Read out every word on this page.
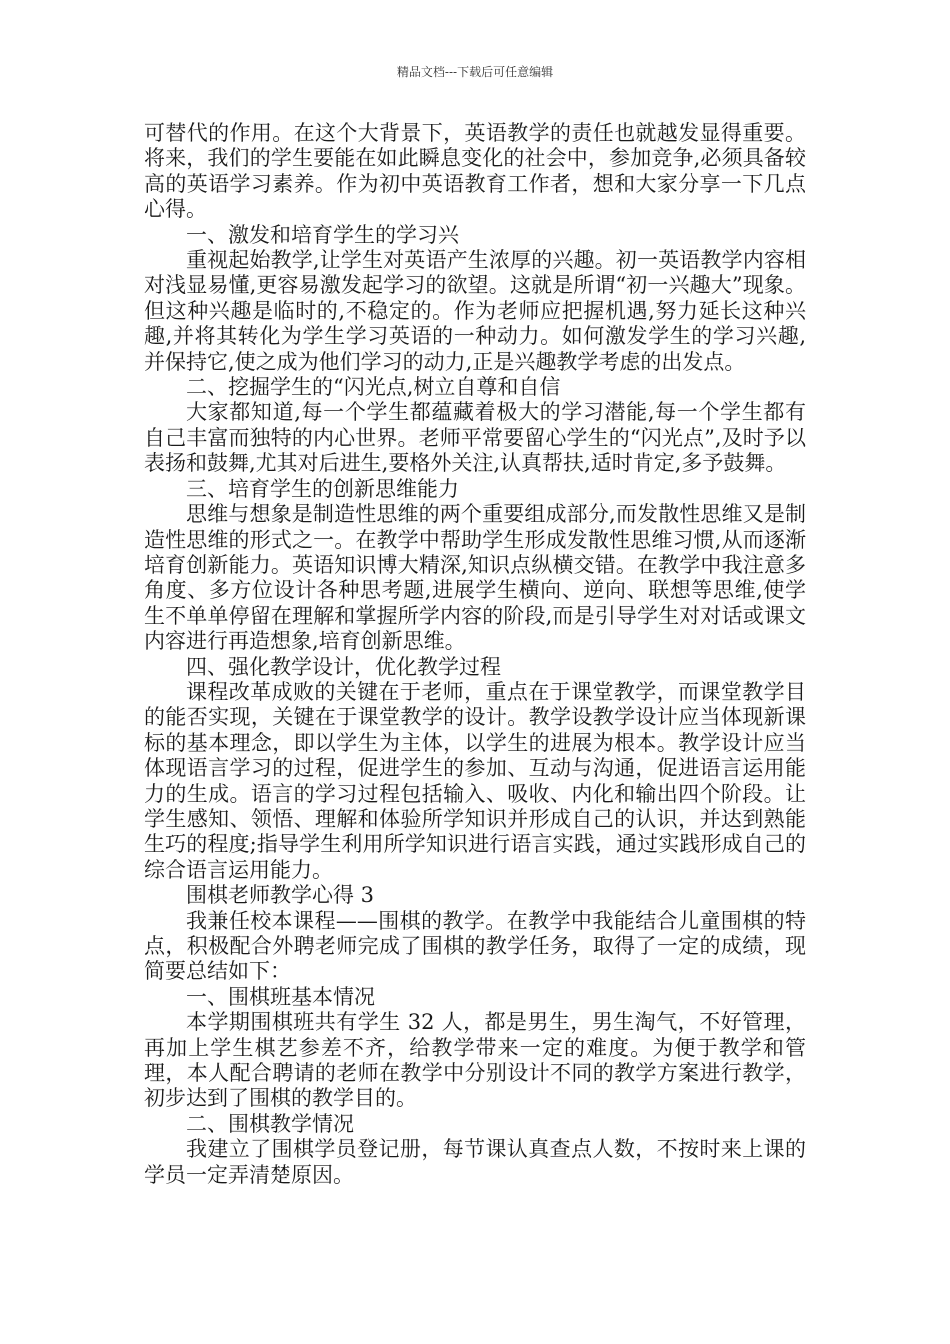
精品文档---下载后可任意编辑

可替代的作用。在这个大背景下，英语教学的责任也就越发显得重要。将来，我们的学生要能在如此瞬息变化的社会中，参加竞争,必须具备较高的英语学习素养。作为初中英语教育工作者，想和大家分享一下几点心得。

一、激发和培育学生的学习兴

重视起始教学,让学生对英语产生浓厚的兴趣。初一英语教学内容相对浅显易懂,更容易激发起学习的欲望。这就是所谓“初一兴趣大”现象。但这种兴趣是临时的,不稳定的。作为老师应把握机遇,努力延长这种兴趣,并将其转化为学生学习英语的一种动力。如何激发学生的学习兴趣,并保持它,使之成为他们学习的动力,正是兴趣教学考虑的出发点。

二、挖掘学生的“闪光点,树立自尊和自信

大家都知道,每一个学生都蕴藏着极大的学习潜能,每一个学生都有自己丰富而独特的内心世界。老师平常要留心学生的“闪光点”,及时予以表扬和鼓舞,尤其对后进生,要格外关注,认真帮扶,适时肯定,多予鼓舞。

三、培育学生的创新思维能力

思维与想象是制造性思维的两个重要组成部分,而发散性思维又是制造性思维的形式之一。在教学中帮助学生形成发散性思维习惯,从而逐渐培育创新能力。英语知识博大精深,知识点纵横交错。在教学中我注意多角度、多方位设计各种思考题,进展学生横向、逆向、联想等思维,使学生不单单停留在理解和掌握所学内容的阶段,而是引导学生对对话或课文内容进行再造想象,培育创新思维。

四、强化教学设计，优化教学过程

课程改革成败的关键在于老师，重点在于课堂教学，而课堂教学目的能否实现，关键在于课堂教学的设计。教学设教学设计应当体现新课标的基本理念，即以学生为主体，以学生的进展为根本。教学设计应当体现语言学习的过程，促进学生的参加、互动与沟通，促进语言运用能力的生成。语言的学习过程包括输入、吸收、内化和输出四个阶段。让学生感知、领悟、理解和体验所学知识并形成自己的认识，并达到熟能生巧的程度;指导学生利用所学知识进行语言实践，通过实践形成自己的综合语言运用能力。

围棋老师教学心得 3

我兼任校本课程——围棋的教学。在教学中我能结合儿童围棋的特点，积极配合外聘老师完成了围棋的教学任务，取得了一定的成绩，现简要总结如下：

一、围棋班基本情况

本学期围棋班共有学生 32 人，都是男生，男生淘气，不好管理，再加上学生棋艺参差不齐，给教学带来一定的难度。为便于教学和管理，本人配合聘请的老师在教学中分别设计不同的教学方案进行教学，初步达到了围棋的教学目的。

二、围棋教学情况

我建立了围棋学员登记册，每节课认真查点人数，不按时来上课的学员一定弄清楚原因。
